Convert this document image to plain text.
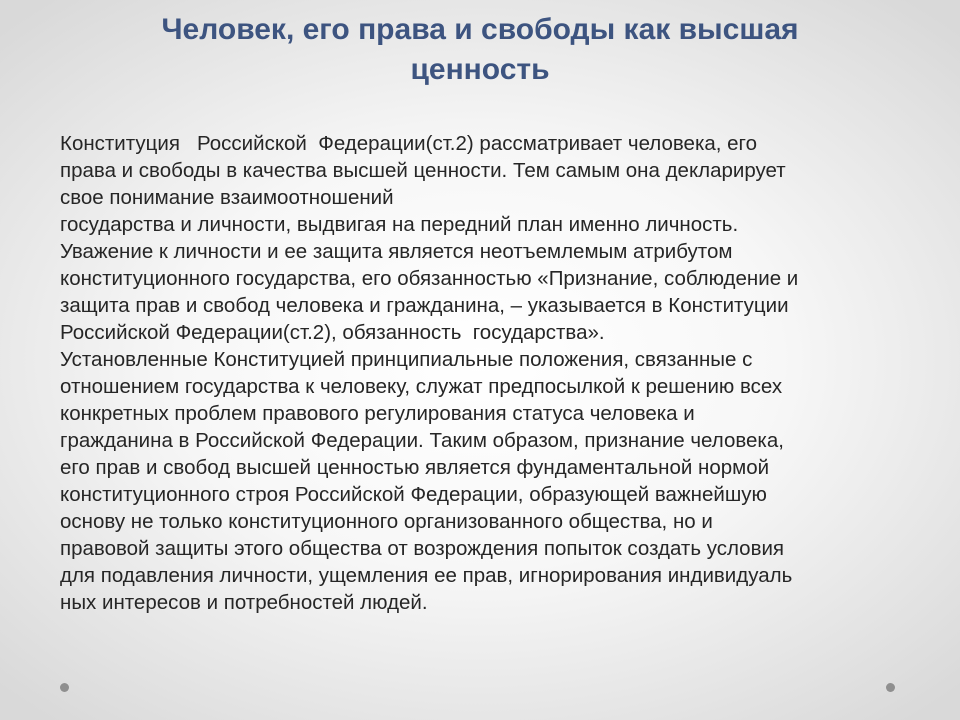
Человек, его права и свободы как высшая
ценность
Конституция   Российской  Федерации(ст.2) рассматривает человека, его
права и свободы в качества высшей ценности. Тем самым она декларирует
свое понимание взаимоотношений
государства и личности, выдвигая на передний план именно личность.
Уважение к личности и ее защита является неотъемлемым атрибутом
конституционного государства, его обязанностью «Признание, соблюдение и
защита прав и свобод человека и гражданина, – указывается в Конституции
Российской Федерации(ст.2), обязанность  государства».
Установленные Конституцией принципиальные положения, связанные с
отношением государства к человеку, служат предпосылкой к решению всех
конкретных проблем правового регулирования статуса человека и
гражданина в Российской Федерации. Таким образом, признание человека,
его прав и свобод высшей ценностью является фундаментальной нормой
конституционного строя Российской Федерации, образующей важнейшую
основу не только конституционного организованного общества, но и
правовой защиты этого общества от возрождения попыток создать условия
для подавления личности, ущемления ее прав, игнорирования индивидуаль
ных интересов и потребностей людей.
